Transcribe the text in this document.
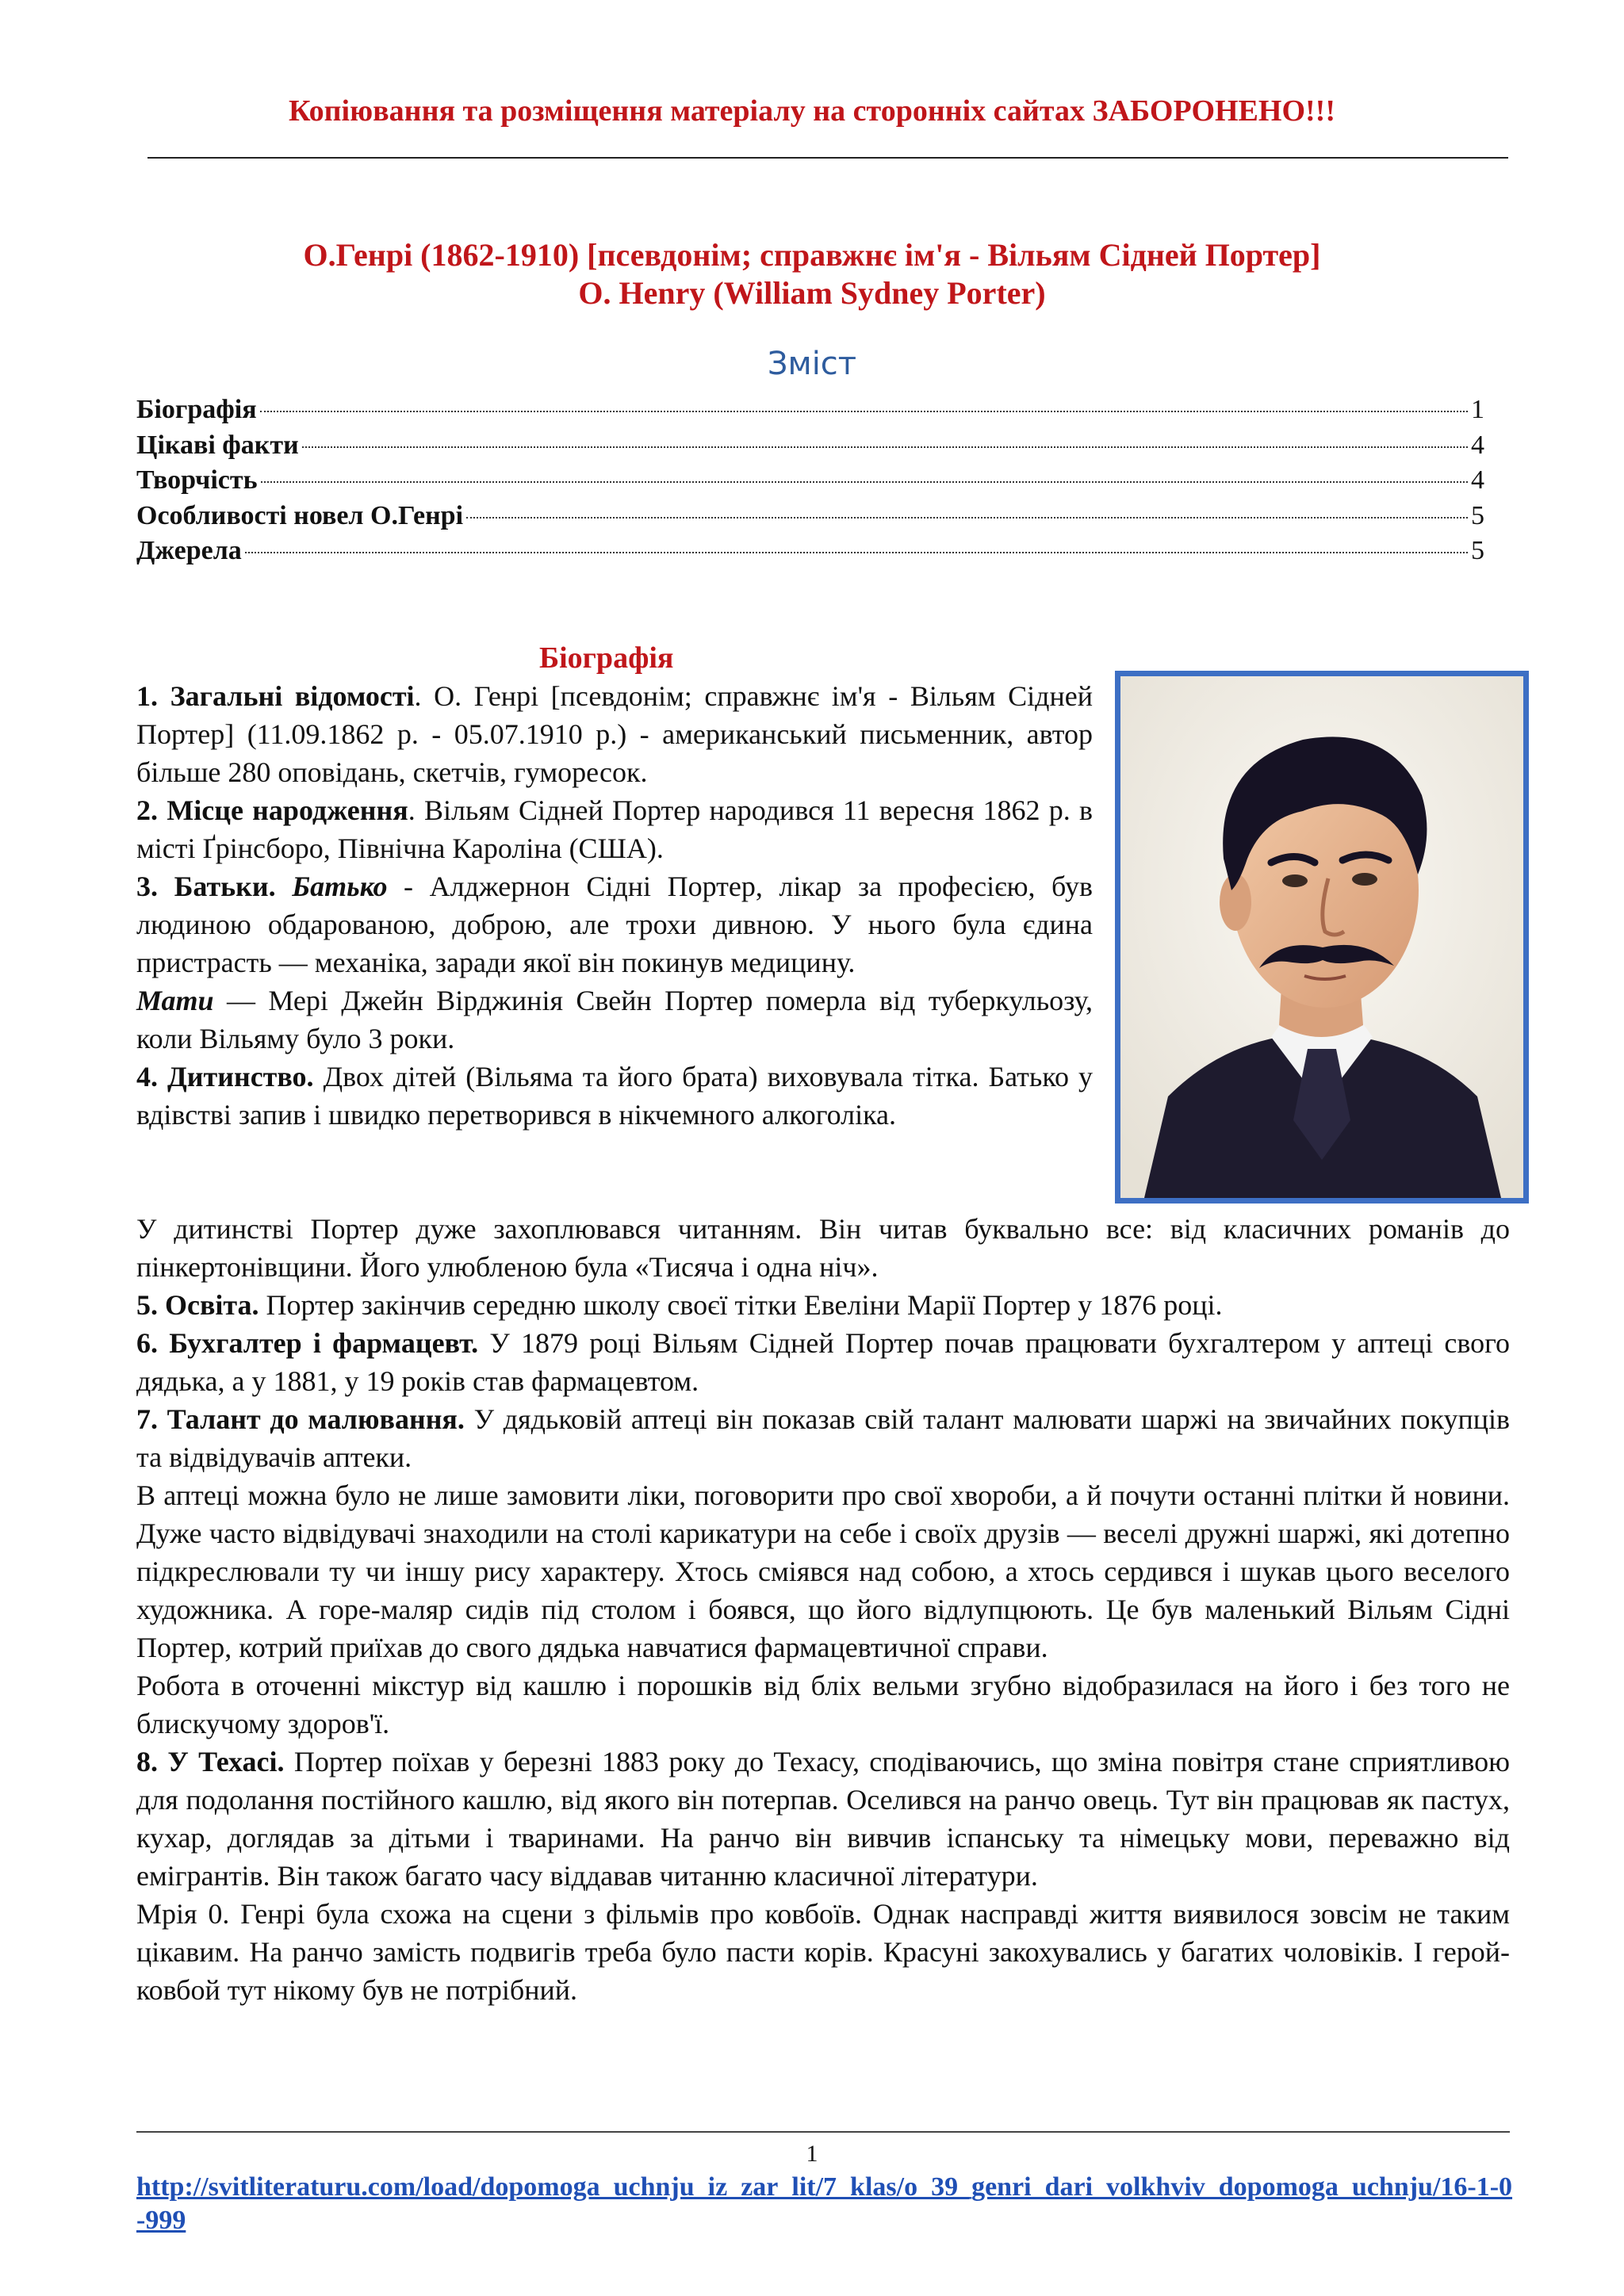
Копіювання та розміщення матеріалу на сторонніх сайтах ЗАБОРОНЕНО!!!
О.Генрі (1862-1910) [псевдонім; справжнє ім'я - Вільям Сідней Портер]
O. Henry (William Sydney Porter)
Зміст
Біографія	1
Цікаві факти	4
Творчість	4
Особливості новел О.Генрі	5
Джерела	5
Біографія

1. Загальні відомості. О. Генрі [псевдонім; справжнє ім'я - Вільям Сідней Портер] (11.09.1862 р. - 05.07.1910 р.) - американський письменник, автор більше 280 оповідань, скетчів, гуморесок.

2. Місце народження. Вільям Сідней Портер народився 11 вересня 1862 р. в місті Ґрінсборо, Північна Кароліна (США).

3. Батьки. Батько - Алджернон Сідні Портер, лікар за професією, був людиною обдарованою, доброю, але трохи дивною. У нього була єдина пристрасть — механіка, заради якої він покинув медицину.

Мати — Мері Джейн Вірджинія Свейн Портер померла від туберкульозу, коли Вільяму було 3 роки.

4. Дитинство. Двох дітей (Вільяма та його брата) виховувала тітка. Батько у вдівстві запив і швидко перетворився в нікчемного алкоголіка.

У дитинстві Портер дуже захоплювався читанням. Він читав буквально все: від класичних романів до пінкертонівщини. Його улюбленою була «Тисяча і одна ніч».

5. Освіта. Портер закінчив середню школу своєї тітки Евеліни Марії Портер у 1876 році.

6. Бухгалтер і фармацевт. У 1879 році Вільям Сідней Портер почав працювати бухгалтером у аптеці свого дядька, а у 1881, у 19 років став фармацевтом.

7. Талант до малювання. У дядьковій аптеці він показав свій талант малювати шаржі на звичайних покупців та відвідувачів аптеки.

В аптеці можна було не лише замовити ліки, поговорити про свої хвороби, а й почути останні плітки й новини. Дуже часто відвідувачі знаходили на столі карикатури на себе і своїх друзів — веселі дружні шаржі, які дотепно підкреслювали ту чи іншу рису характеру. Хтось сміявся над собою, а хтось сердився і шукав цього веселого художника. А горе-маляр сидів під столом і боявся, що його відлупцюють. Це був маленький Вільям Сідні Портер, котрий приїхав до свого дядька навчатися фармацевтичної справи.

Робота в оточенні мікстур від кашлю і порошків від бліх вельми згубно відобразилася на його і без того не блискучому здоров'ї.

8. У Техасі. Портер поїхав у березні 1883 року до Техасу, сподіваючись, що зміна повітря стане сприятливою для подолання постійного кашлю, від якого він потерпав. Оселився на ранчо овець. Тут він працював як пастух, кухар, доглядав за дітьми і тваринами. На ранчо він вивчив іспанську та німецьку мови, переважно від емігрантів. Він також багато часу віддавав читанню класичної літератури.

Мрія 0. Генрі була схожа на сцени з фільмів про ковбоїв. Однак насправді життя виявилося зовсім не таким цікавим. На ранчо замість подвигів треба було пасти корів. Красуні закохувались у багатих чоловіків. І герой-ковбой тут нікому був не потрібний.

1
http://svitliteraturu.com/load/dopomoga_uchnju_iz_zar_lit/7_klas/o_39_genri_dari_volkhviv_dopomoga_uchnju/16-1-0-999
